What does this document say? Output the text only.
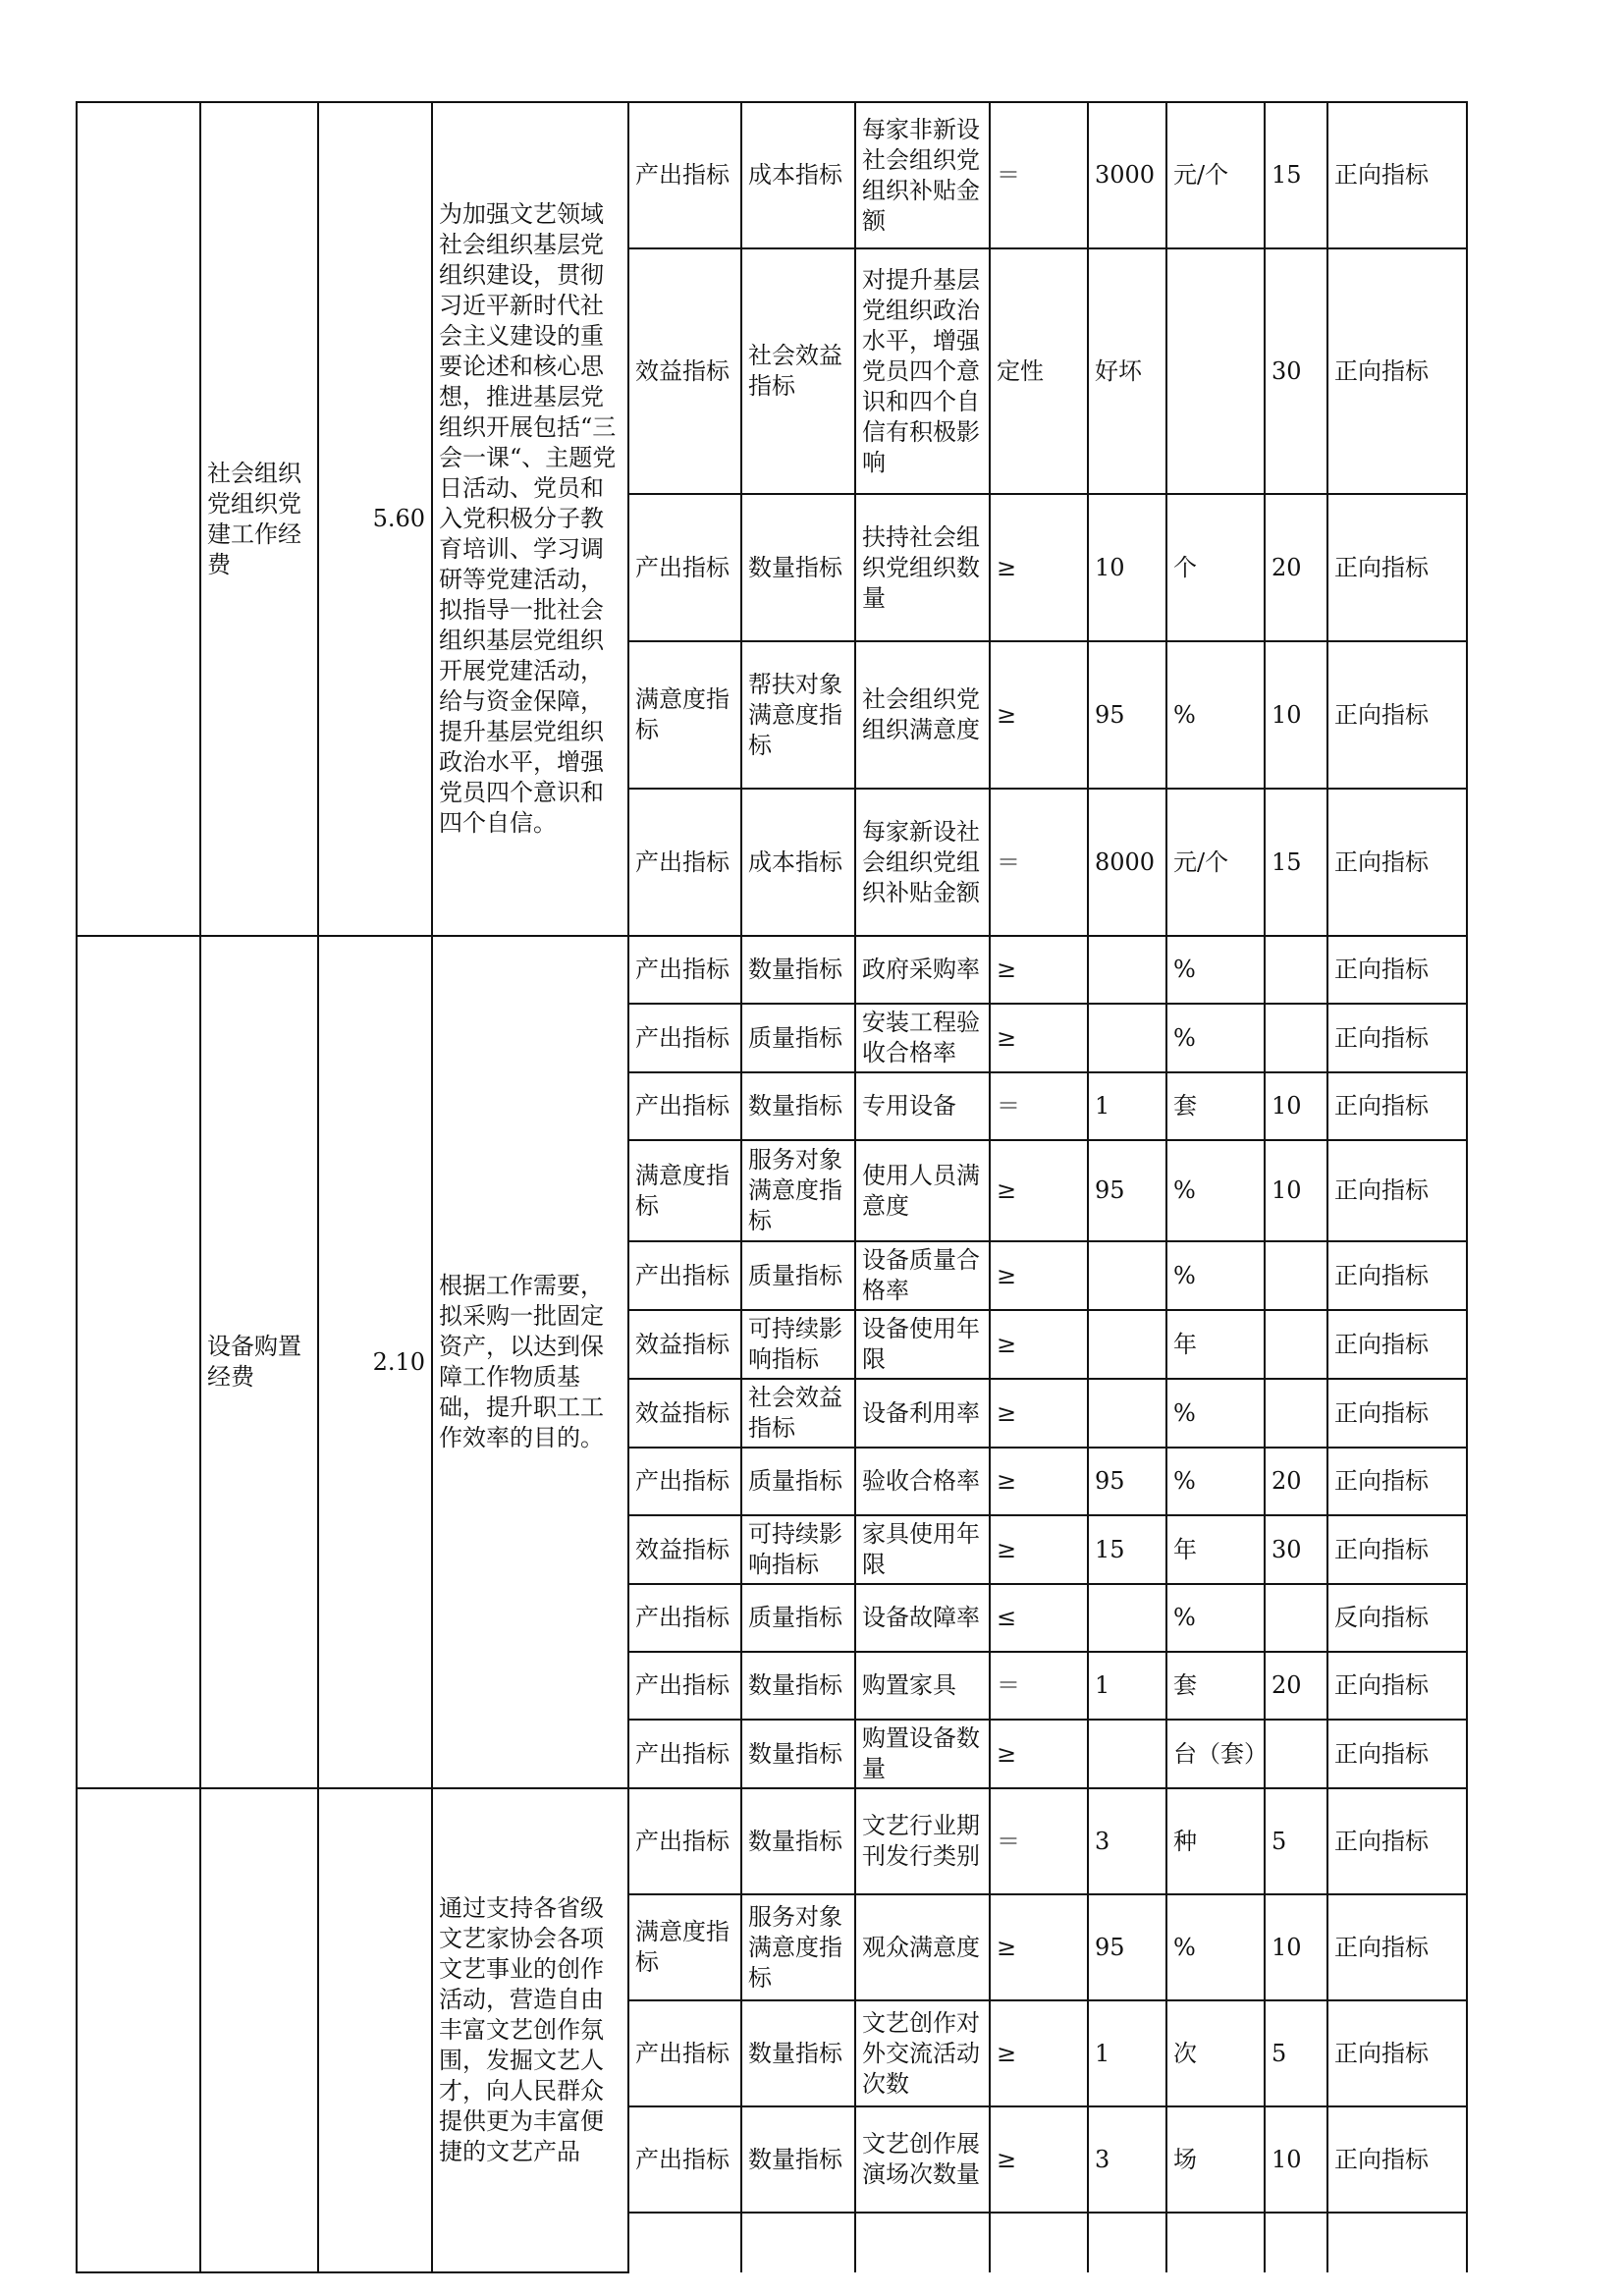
	社会组织党组织党建工作经费	5.60	为加强文艺领域社会组织基层党组织建设，贯彻习近平新时代社会主义建设的重要论述和核心思想，推进基层党组织开展包括“三会一课“、主题党日活动、党员和入党积极分子教育培训、学习调研等党建活动，拟指导一批社会组织基层党组织开展党建活动，给与资金保障，提升基层党组织政治水平，增强党员四个意识和四个自信。	产出指标	成本指标	每家非新设社会组织党组织补贴金额	＝	3000	元/个	15	正向指标
				效益指标	社会效益指标	对提升基层党组织政治水平，增强党员四个意识和四个自信有积极影响	定性	好坏		30	正向指标
				产出指标	数量指标	扶持社会组织党组织数量	≥	10	个	20	正向指标
				满意度指标	帮扶对象满意度指标	社会组织党组织满意度	≥	95	%	10	正向指标
				产出指标	成本指标	每家新设社会组织党组织补贴金额	＝	8000	元/个	15	正向指标
	设备购置经费	2.10	根据工作需要，拟采购一批固定资产，以达到保障工作物质基础，提升职工工作效率的目的。	产出指标	数量指标	政府采购率	≥		%		正向指标
				产出指标	质量指标	安装工程验收合格率	≥		%		正向指标
				产出指标	数量指标	专用设备	＝	1	套	10	正向指标
				满意度指标	服务对象满意度指标	使用人员满意度	≥	95	%	10	正向指标
				产出指标	质量指标	设备质量合格率	≥		%		正向指标
				效益指标	可持续影响指标	设备使用年限	≥		年		正向指标
				效益指标	社会效益指标	设备利用率	≥		%		正向指标
				产出指标	质量指标	验收合格率	≥	95	%	20	正向指标
				效益指标	可持续影响指标	家具使用年限	≥	15	年	30	正向指标
				产出指标	质量指标	设备故障率	≤		%		反向指标
				产出指标	数量指标	购置家具	＝	1	套	20	正向指标
				产出指标	数量指标	购置设备数量	≥		台（套）		正向指标
			通过支持各省级文艺家协会各项文艺事业的创作活动，营造自由丰富文艺创作氛围，发掘文艺人才，向人民群众提供更为丰富便捷的文艺产品	产出指标	数量指标	文艺行业期刊发行类别	＝	3	种	5	正向指标
				满意度指标	服务对象满意度指标	观众满意度	≥	95	%	10	正向指标
				产出指标	数量指标	文艺创作对外交流活动次数	≥	1	次	5	正向指标
				产出指标	数量指标	文艺创作展演场次数量	≥	3	场	10	正向指标
